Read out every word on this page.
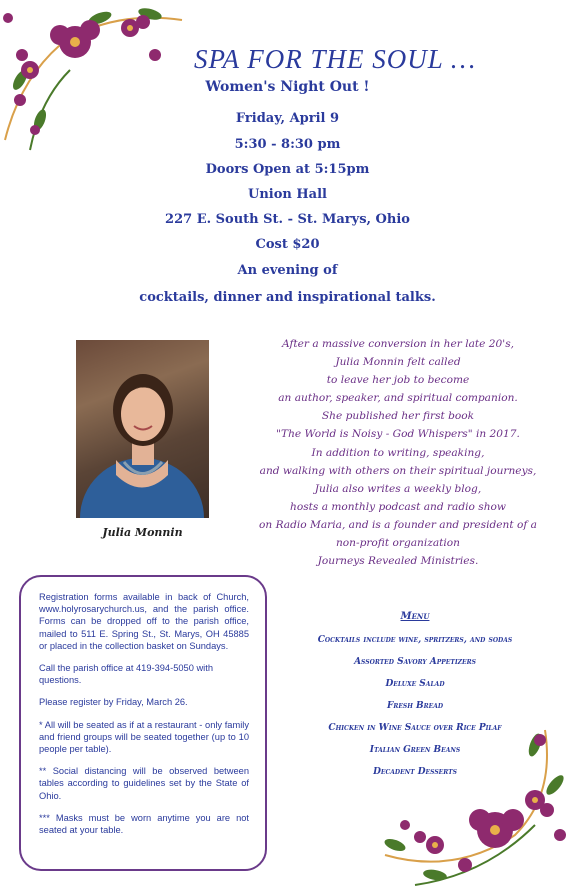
SPA FOR THE SOUL …
Women's Night Out !
Friday, April 9
5:30 - 8:30 pm
Doors Open at 5:15pm
Union Hall
227 E. South St. - St. Marys, Ohio
Cost $20
An evening of
cocktails, dinner and inspirational talks.
Julia Monnin
After a massive conversion in her late 20's,
Julia Monnin felt called
to leave her job to become
an author, speaker, and spiritual companion.
She published her first book
"The World is Noisy - God Whispers" in 2017.
In addition to writing, speaking,
and walking with others on their spiritual journeys,
Julia also writes a weekly blog,
hosts a monthly podcast and radio show
on Radio Maria, and is a founder and president of a
non-profit organization
Journeys Revealed Ministries.

Registration forms available in back of Church, www.holyrosarychurch.us, and the parish office. Forms can be dropped off to the parish office, mailed to 511 E. Spring St., St. Marys, OH 45885 or placed in the collection basket on Sundays.

Call the parish office at 419-394-5050 with questions.

Please register by Friday, March 26.

* All will be seated as if at a restaurant - only family and friend groups will be seated together (up to 10 people per table).

** Social distancing will be observed between tables according to guidelines set by the State of Ohio.

*** Masks must be worn anytime you are not seated at your table.

Menu
Cocktails include wine, spritzers, and sodas
Assorted Savory Appetizers
Deluxe Salad
Fresh Bread
Chicken in Wine Sauce over Rice Pilaf
Italian Green Beans
Decadent Desserts
